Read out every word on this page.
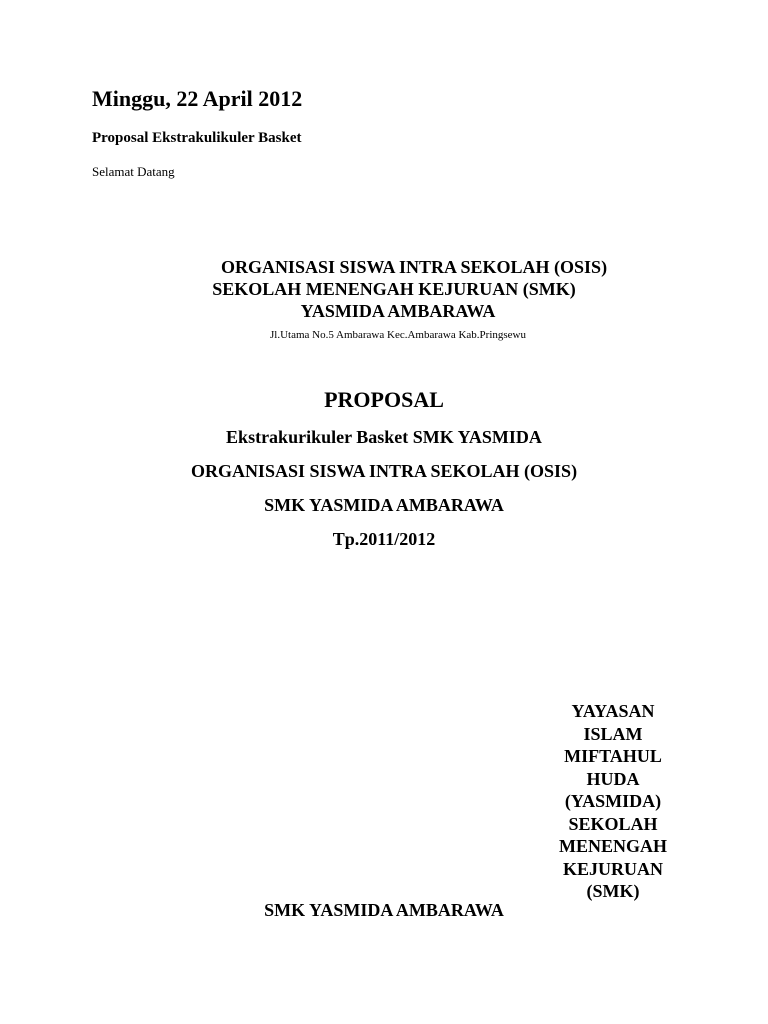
Minggu, 22 April 2012
Proposal Ekstrakulikuler Basket
Selamat Datang
ORGANISASI SISWA INTRA SEKOLAH (OSIS)
SEKOLAH MENENGAH KEJURUAN (SMK)
YASMIDA AMBARAWA
Jl.Utama No.5 Ambarawa Kec.Ambarawa Kab.Pringsewu
PROPOSAL
Ekstrakurikuler Basket SMK YASMIDA
ORGANISASI SISWA INTRA SEKOLAH (OSIS)
SMK YASMIDA AMBARAWA
Tp.2011/2012
YAYASAN
ISLAM
MIFTAHUL
HUDA
(YASMIDA)
SEKOLAH
MENENGAH
KEJURUAN
(SMK)
SMK YASMIDA AMBARAWA
